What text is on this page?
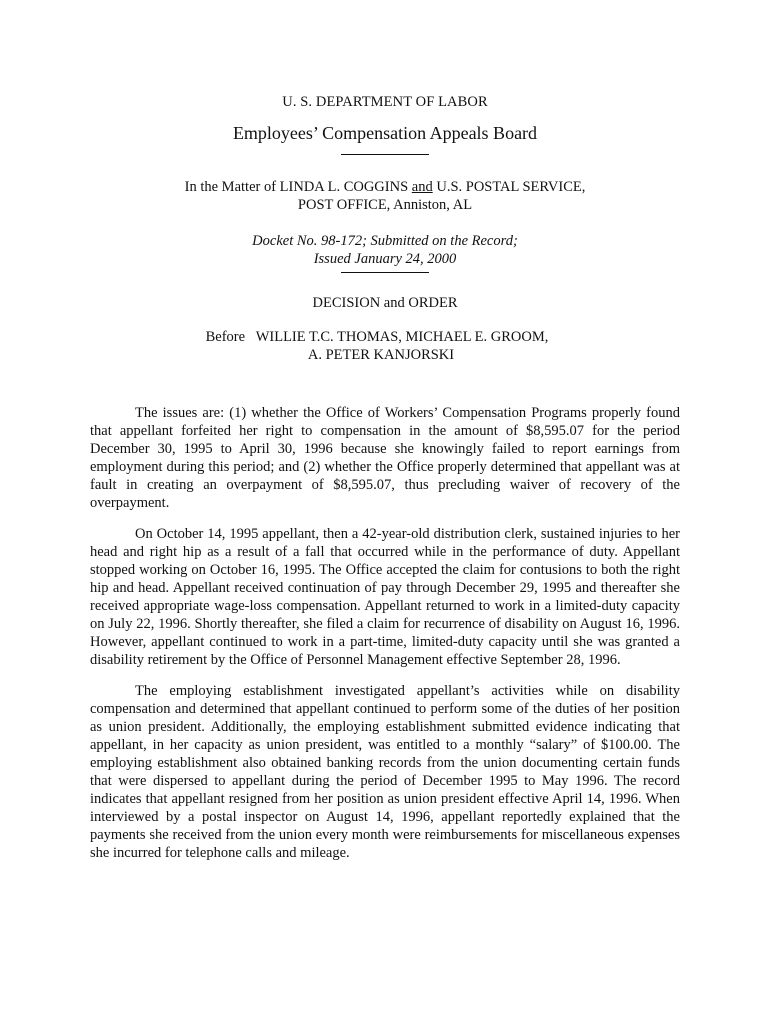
U. S. DEPARTMENT OF LABOR
Employees’ Compensation Appeals Board
In the Matter of LINDA L. COGGINS and U.S. POSTAL SERVICE,
POST OFFICE, Anniston, AL
Docket No. 98-172; Submitted on the Record;
Issued January 24, 2000
DECISION and ORDER
Before WILLIE T.C. THOMAS, MICHAEL E. GROOM,
A. PETER KANJORSKI

The issues are: (1) whether the Office of Workers’ Compensation Programs properly found that appellant forfeited her right to compensation in the amount of $8,595.07 for the period December 30, 1995 to April 30, 1996 because she knowingly failed to report earnings from employment during this period; and (2) whether the Office properly determined that appellant was at fault in creating an overpayment of $8,595.07, thus precluding waiver of recovery of the overpayment.

On October 14, 1995 appellant, then a 42-year-old distribution clerk, sustained injuries to her head and right hip as a result of a fall that occurred while in the performance of duty. Appellant stopped working on October 16, 1995. The Office accepted the claim for contusions to both the right hip and head. Appellant received continuation of pay through December 29, 1995 and thereafter she received appropriate wage-loss compensation. Appellant returned to work in a limited-duty capacity on July 22, 1996. Shortly thereafter, she filed a claim for recurrence of disability on August 16, 1996. However, appellant continued to work in a part-time, limited-duty capacity until she was granted a disability retirement by the Office of Personnel Management effective September 28, 1996.

The employing establishment investigated appellant’s activities while on disability compensation and determined that appellant continued to perform some of the duties of her position as union president. Additionally, the employing establishment submitted evidence indicating that appellant, in her capacity as union president, was entitled to a monthly “salary” of $100.00. The employing establishment also obtained banking records from the union documenting certain funds that were dispersed to appellant during the period of December 1995 to May 1996. The record indicates that appellant resigned from her position as union president effective April 14, 1996. When interviewed by a postal inspector on August 14, 1996, appellant reportedly explained that the payments she received from the union every month were reimbursements for miscellaneous expenses she incurred for telephone calls and mileage.
